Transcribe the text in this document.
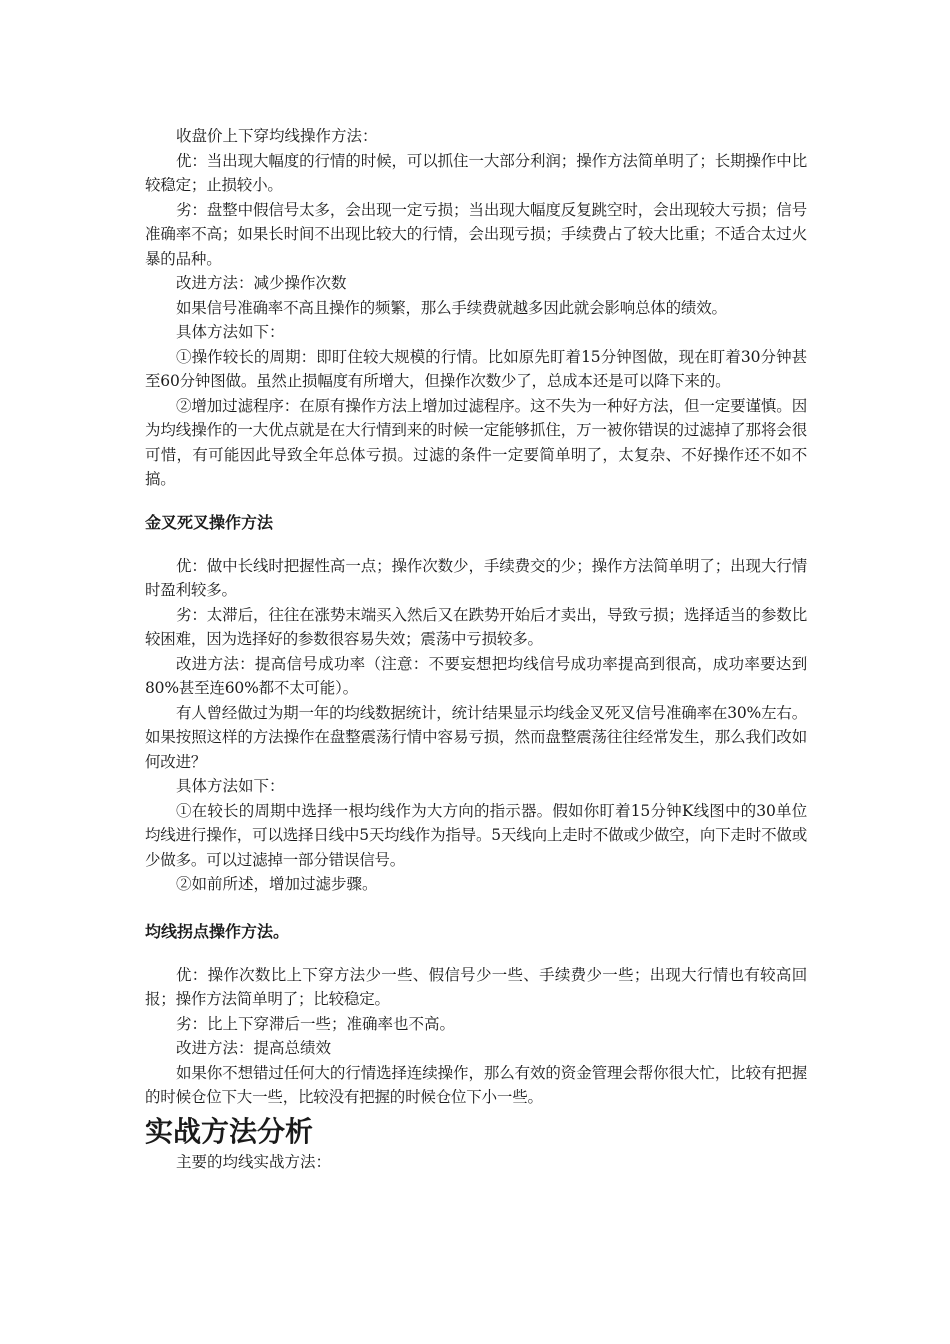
收盘价上下穿均线操作方法：

优：当出现大幅度的行情的时候，可以抓住一大部分利润；操作方法简单明了；长期操作中比较稳定；止损较小。

劣：盘整中假信号太多，会出现一定亏损；当出现大幅度反复跳空时，会出现较大亏损；信号准确率不高；如果长时间不出现比较大的行情，会出现亏损；手续费占了较大比重；不适合太过火暴的品种。

改进方法：减少操作次数

如果信号准确率不高且操作的频繁，那么手续费就越多因此就会影响总体的绩效。

具体方法如下：

①操作较长的周期：即盯住较大规模的行情。比如原先盯着15分钟图做，现在盯着30分钟甚至60分钟图做。虽然止损幅度有所增大，但操作次数少了，总成本还是可以降下来的。

②增加过滤程序：在原有操作方法上增加过滤程序。这不失为一种好方法，但一定要谨慎。因为均线操作的一大优点就是在大行情到来的时候一定能够抓住，万一被你错误的过滤掉了那将会很可惜，有可能因此导致全年总体亏损。过滤的条件一定要简单明了，太复杂、不好操作还不如不搞。

金叉死叉操作方法

优：做中长线时把握性高一点；操作次数少，手续费交的少；操作方法简单明了；出现大行情时盈利较多。

劣：太滞后，往往在涨势末端买入然后又在跌势开始后才卖出，导致亏损；选择适当的参数比较困难，因为选择好的参数很容易失效；震荡中亏损较多。

改进方法：提高信号成功率（注意：不要妄想把均线信号成功率提高到很高，成功率要达到80%甚至连60%都不太可能）。

有人曾经做过为期一年的均线数据统计，统计结果显示均线金叉死叉信号准确率在30%左右。如果按照这样的方法操作在盘整震荡行情中容易亏损，然而盘整震荡往往经常发生，那么我们改如何改进？

具体方法如下：

①在较长的周期中选择一根均线作为大方向的指示器。假如你盯着15分钟K线图中的30单位均线进行操作，可以选择日线中5天均线作为指导。5天线向上走时不做或少做空，向下走时不做或少做多。可以过滤掉一部分错误信号。

②如前所述，增加过滤步骤。

均线拐点操作方法。

优：操作次数比上下穿方法少一些、假信号少一些、手续费少一些；出现大行情也有较高回报；操作方法简单明了；比较稳定。

劣：比上下穿滞后一些；准确率也不高。

改进方法：提高总绩效

如果你不想错过任何大的行情选择连续操作，那么有效的资金管理会帮你很大忙，比较有把握的时候仓位下大一些，比较没有把握的时候仓位下小一些。

实战方法分析

主要的均线实战方法：
